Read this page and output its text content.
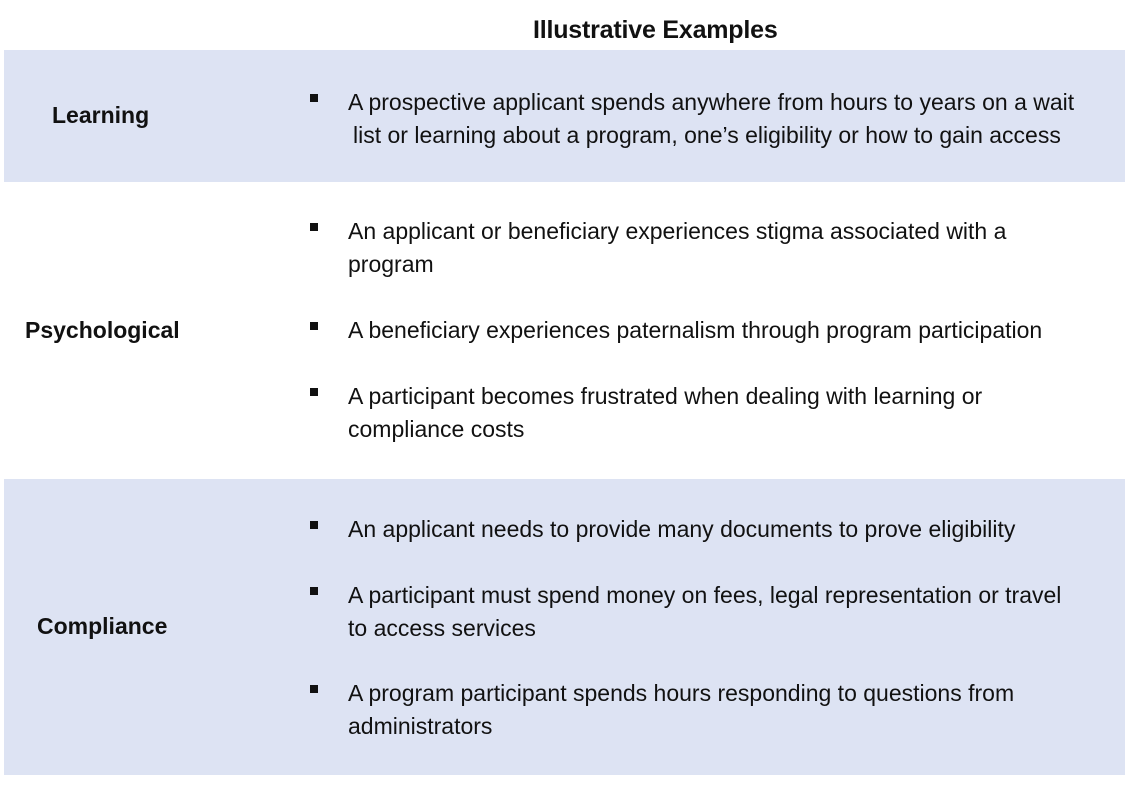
Illustrative Examples
Learning	A prospective applicant spends anywhere from hours to years on a wait
list or learning about a program, one’s eligibility or how to gain access
Psychological
An applicant or beneficiary experiences stigma associated with a
program
A beneficiary experiences paternalism through program participation
A participant becomes frustrated when dealing with learning or
compliance costs
Compliance
An applicant needs to provide many documents to prove eligibility
A participant must spend money on fees, legal representation or travel
to access services
A program participant spends hours responding to questions from
administrators
